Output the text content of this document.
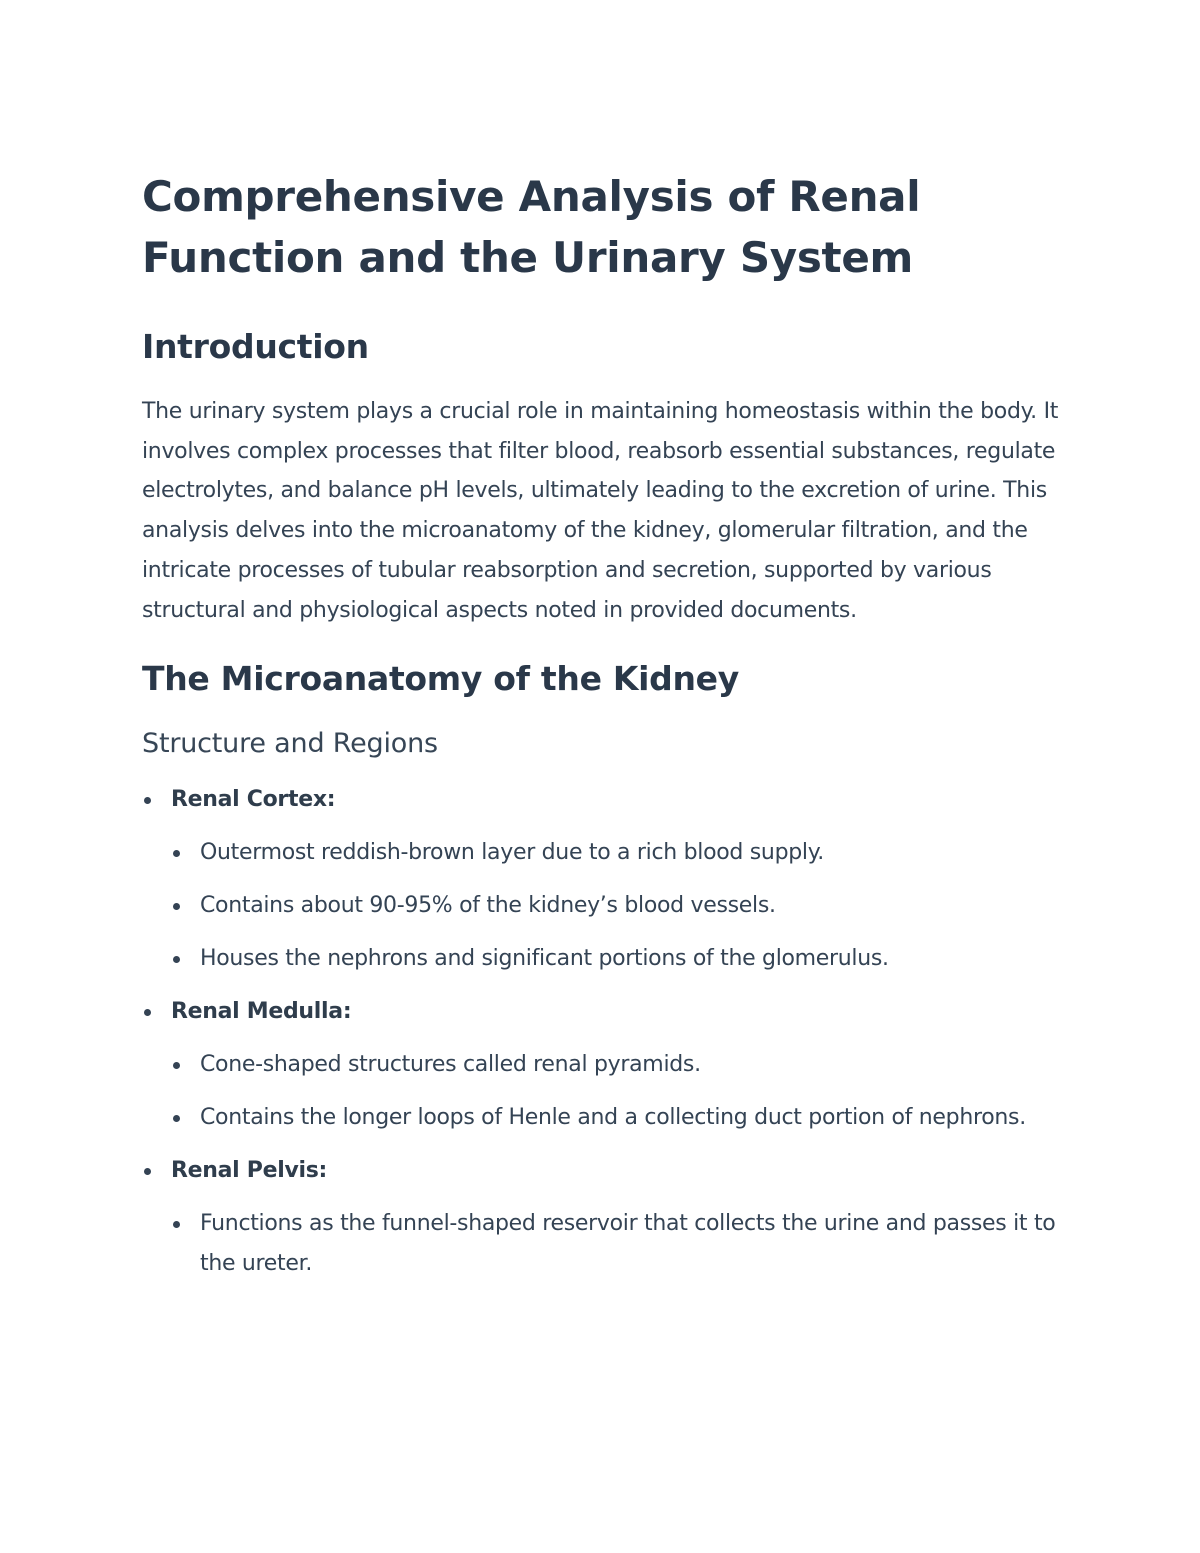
Comprehensive Analysis of Renal Function and the Urinary System
Introduction

The urinary system plays a crucial role in maintaining homeostasis within the body. It involves complex processes that filter blood, reabsorb essential substances, regulate electrolytes, and balance pH levels, ultimately leading to the excretion of urine. This analysis delves into the microanatomy of the kidney, glomerular filtration, and the intricate processes of tubular reabsorption and secretion, supported by various structural and physiological aspects noted in provided documents.

The Microanatomy of the Kidney
Structure and Regions
Renal Cortex:
Outermost reddish-brown layer due to a rich blood supply.
Contains about 90-95% of the kidney’s blood vessels.
Houses the nephrons and significant portions of the glomerulus.
Renal Medulla:
Cone-shaped structures called renal pyramids.
Contains the longer loops of Henle and a collecting duct portion of nephrons.
Renal Pelvis:
Functions as the funnel-shaped reservoir that collects the urine and passes it to the ureter.
